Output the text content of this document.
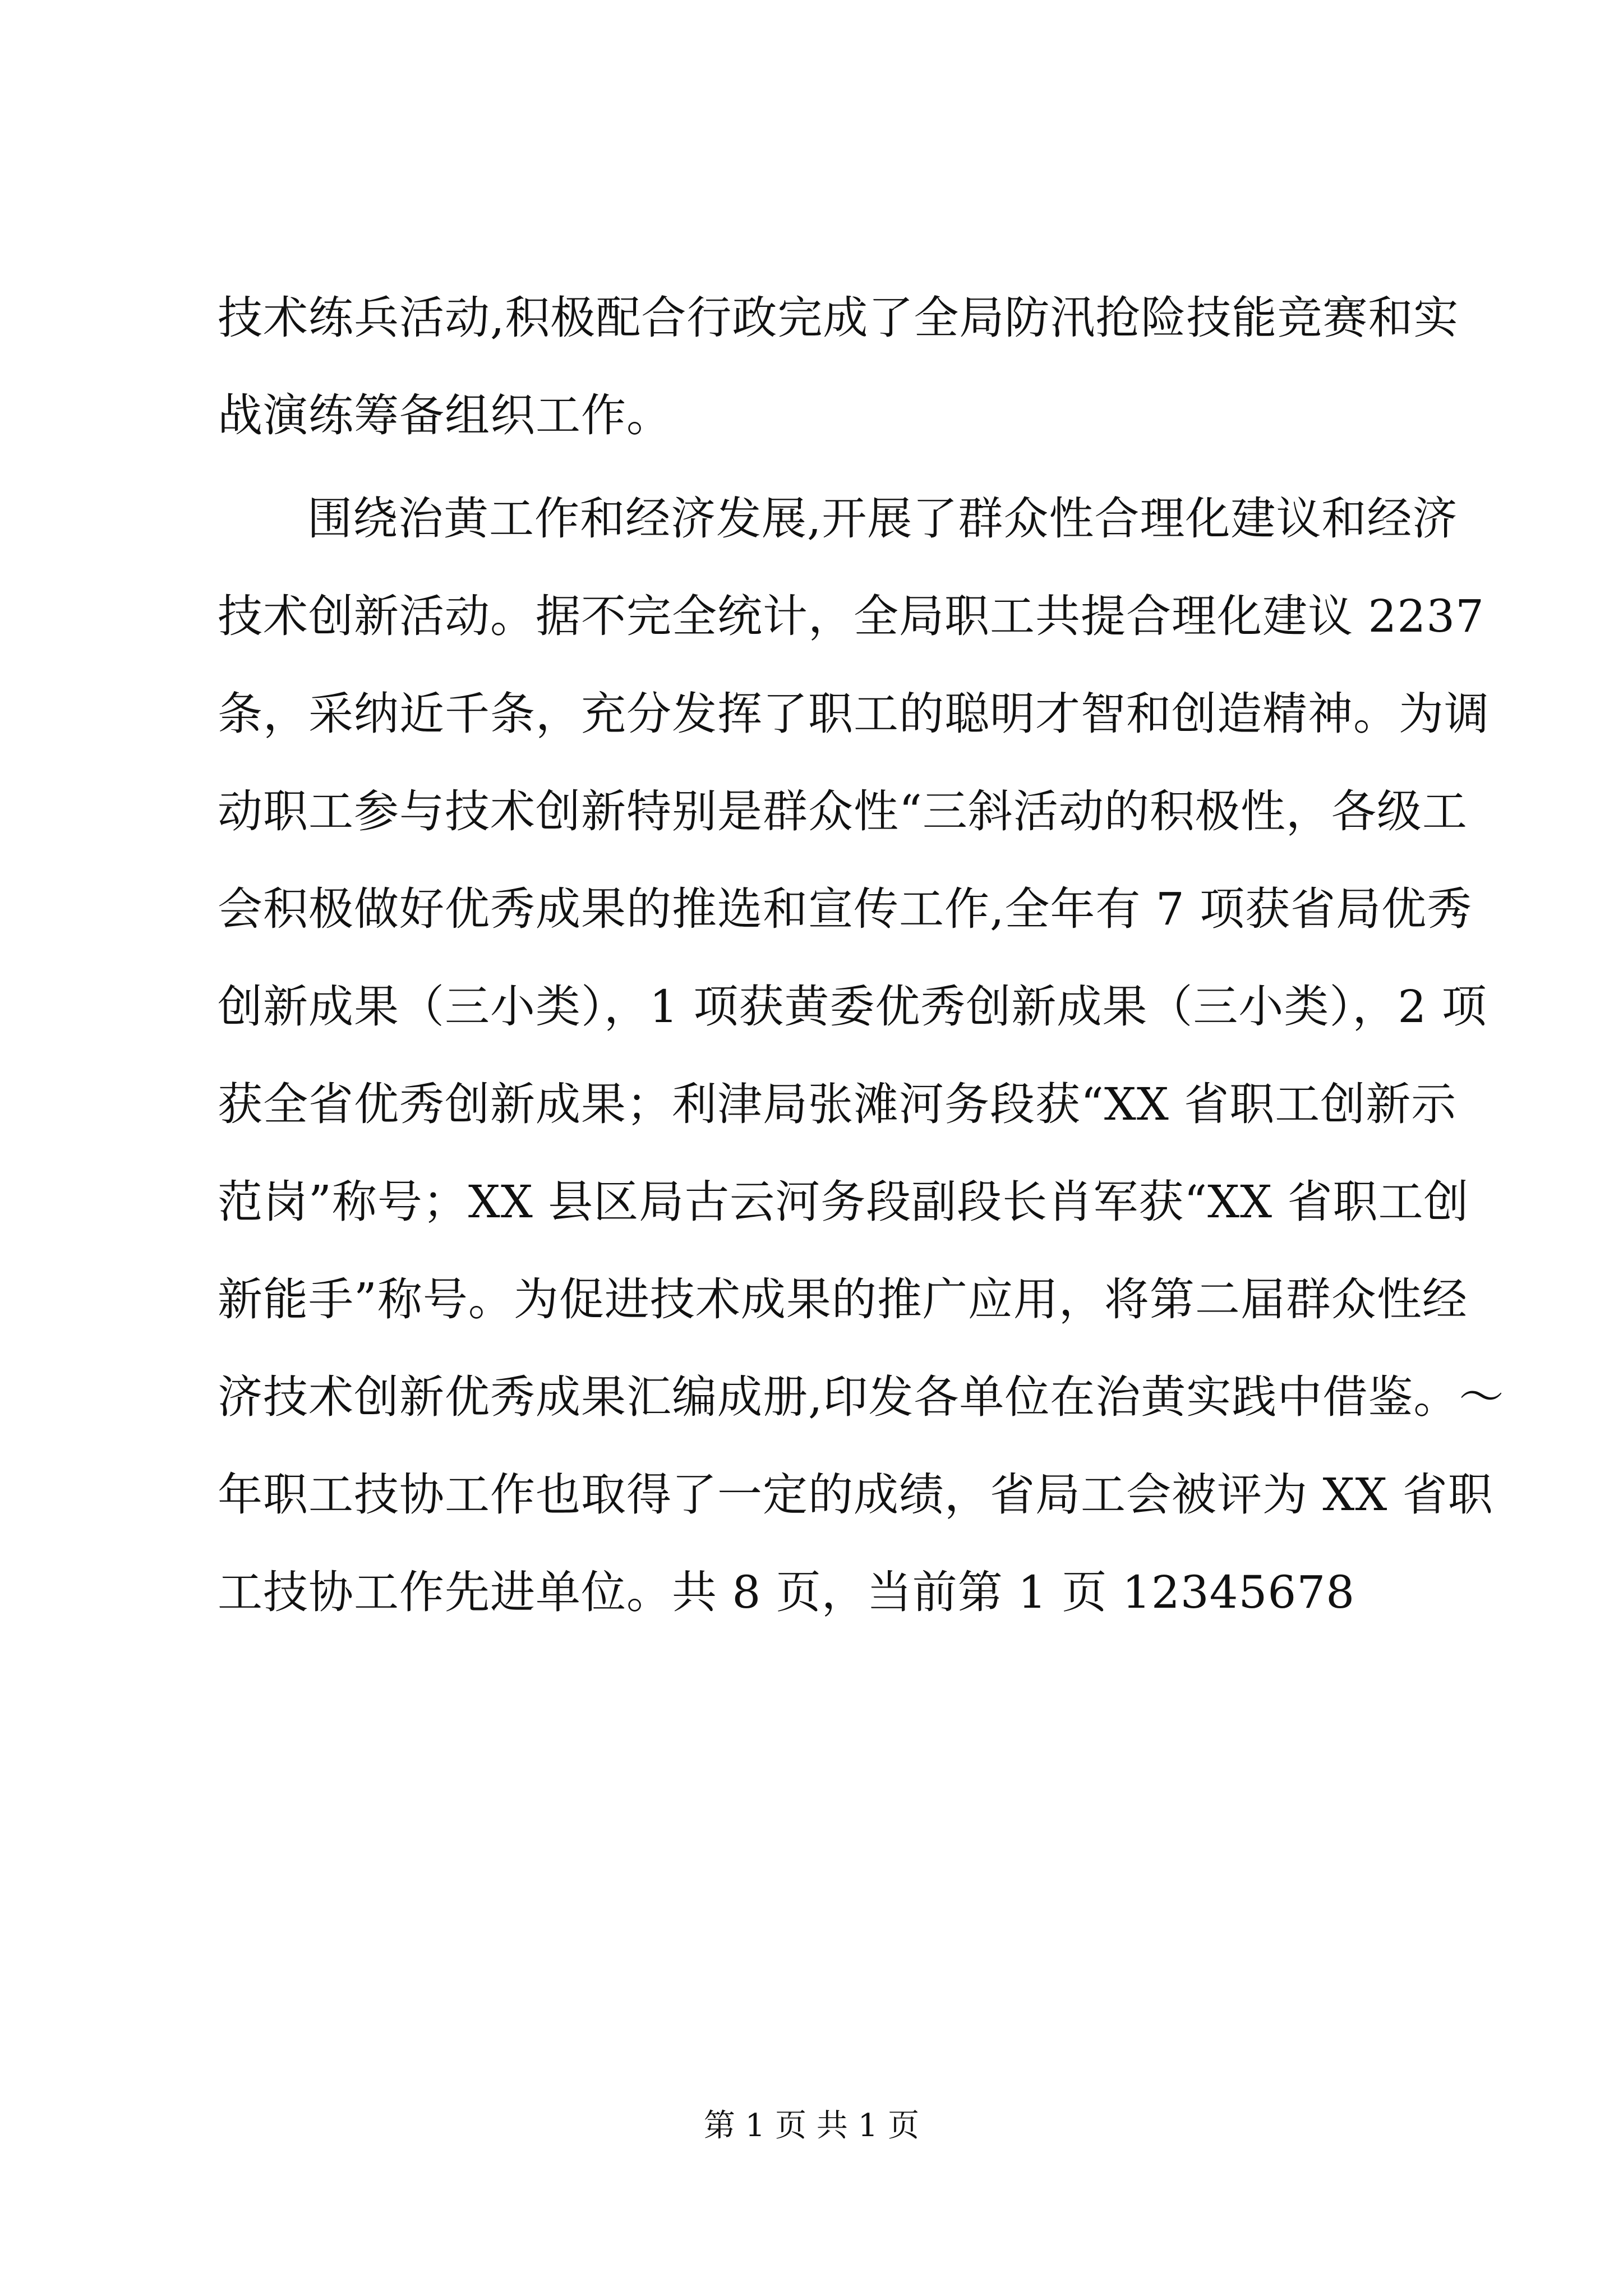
技术练兵活动,积极配合行政完成了全局防汛抢险技能竞赛和实
战演练筹备组织工作。
围绕治黄工作和经济发展,开展了群众性合理化建议和经济
技术创新活动。据不完全统计，全局职工共提合理化建议 2237
条，采纳近千条，充分发挥了职工的聪明才智和创造精神。为调
动职工参与技术创新特别是群众性“三斜活动的积极性，各级工
会积极做好优秀成果的推选和宣传工作,全年有 7 项获省局优秀
创新成果（三小类），1 项获黄委优秀创新成果（三小类），2 项
获全省优秀创新成果；利津局张滩河务段获“XX 省职工创新示
范岗”称号；XX 县区局古云河务段副段长肖军获“XX 省职工创
新能手”称号。为促进技术成果的推广应用，将第二届群众性经
济技术创新优秀成果汇编成册,印发各单位在治黄实践中借鉴。～
年职工技协工作也取得了一定的成绩，省局工会被评为 XX 省职
工技协工作先进单位。共 8 页，当前第 1 页 12345678
第 1 页 共 1 页
